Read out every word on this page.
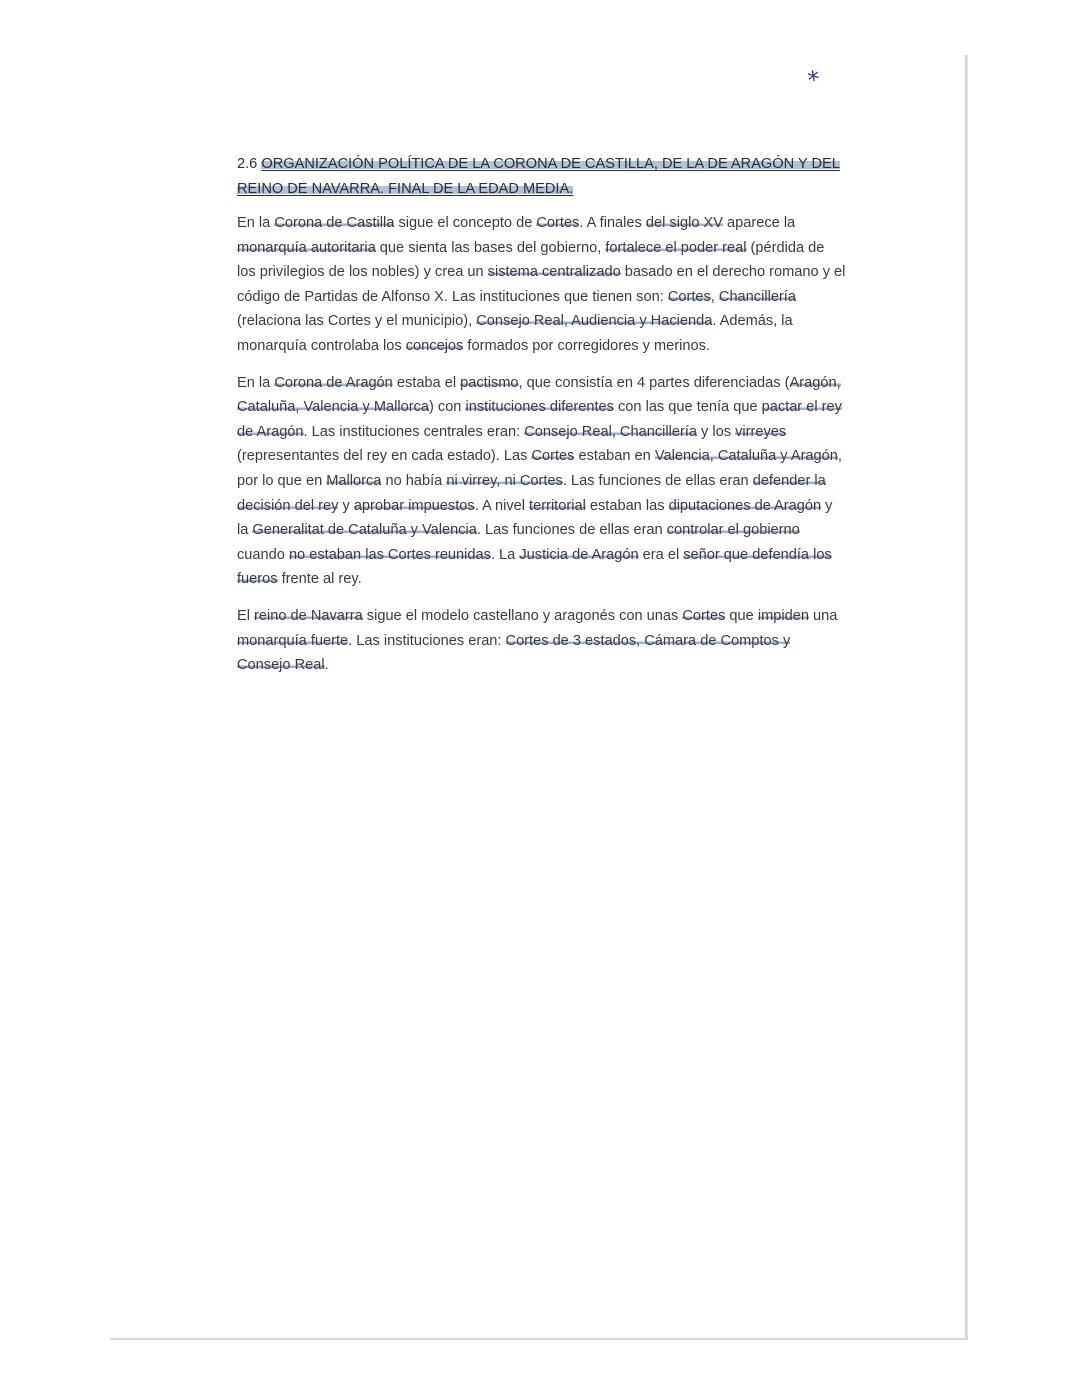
*

2.6 ORGANIZACIÓN POLÍTICA DE LA CORONA DE CASTILLA, DE LA DE ARAGÓN Y DEL REINO DE NAVARRA. FINAL DE LA EDAD MEDIA.

En la Corona de Castilla sigue el concepto de Cortes. A finales del siglo XV aparece la monarquía autoritaria que sienta las bases del gobierno, fortalece el poder real (pérdida de los privilegios de los nobles) y crea un sistema centralizado basado en el derecho romano y el código de Partidas de Alfonso X. Las instituciones que tienen son: Cortes, Chancillería (relaciona las Cortes y el municipio), Consejo Real, Audiencia y Hacienda. Además, la monarquía controlaba los concejos formados por corregidores y merinos.

En la Corona de Aragón estaba el pactismo, que consistía en 4 partes diferenciadas (Aragón, Cataluña, Valencia y Mallorca) con instituciones diferentes con las que tenía que pactar el rey de Aragón. Las instituciones centrales eran: Consejo Real, Chancillería y los virreyes (representantes del rey en cada estado). Las Cortes estaban en Valencia, Cataluña y Aragón, por lo que en Mallorca no había ni virrey, ni Cortes. Las funciones de ellas eran defender la decisión del rey y aprobar impuestos. A nivel territorial estaban las diputaciones de Aragón y la Generalitat de Cataluña y Valencia. Las funciones de ellas eran controlar el gobierno cuando no estaban las Cortes reunidas. La Justicia de Aragón era el señor que defendía los fueros frente al rey.

El reino de Navarra sigue el modelo castellano y aragonés con unas Cortes que impiden una monarquía fuerte. Las instituciones eran: Cortes de 3 estados, Cámara de Comptos y Consejo Real.
